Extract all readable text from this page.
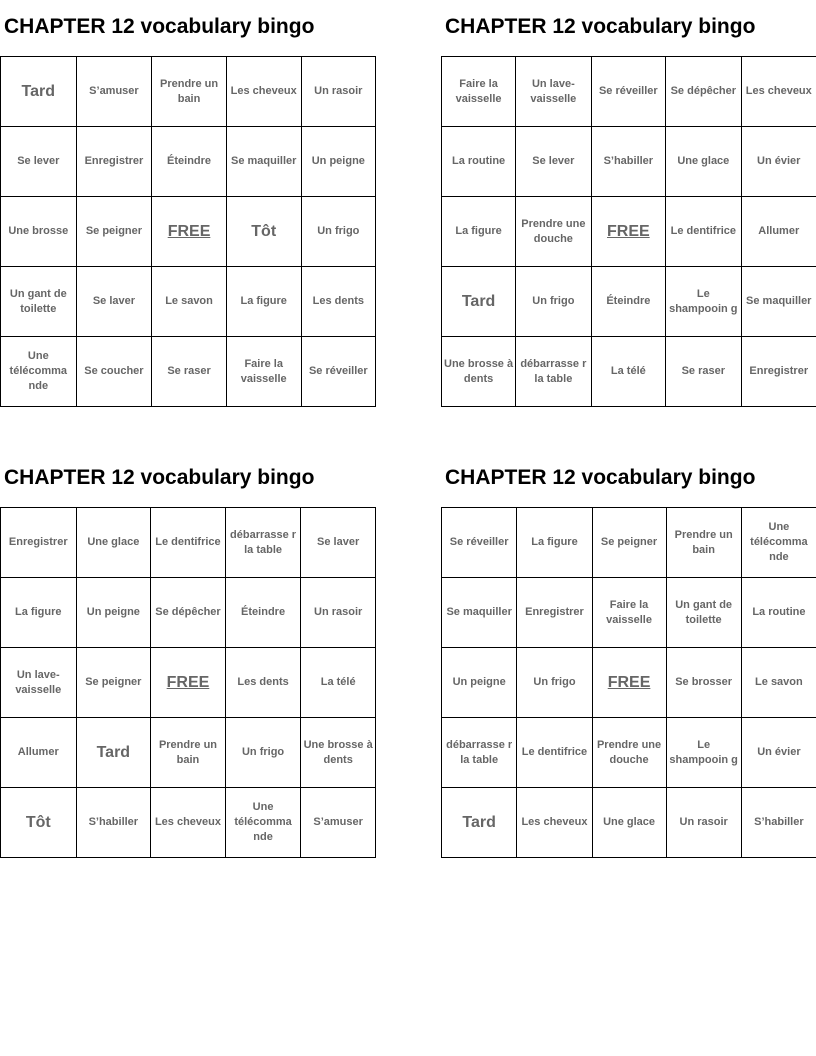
CHAPTER 12 vocabulary bingo
Tard	S’amuser	Prendre un bain	Les cheveux	Un rasoir
Se lever	Enregistrer	Éteindre	Se maquiller	Un peigne
Une brosse	Se peigner	FREE	Tôt	Un frigo
Un gant de toilette	Se laver	Le savon	La figure	Les dents
Une télécomma nde	Se coucher	Se raser	Faire la vaisselle	Se réveiller
CHAPTER 12 vocabulary bingo
Faire la vaisselle	Un lave-vaisselle	Se réveiller	Se dépêcher	Les cheveux
La routine	Se lever	S’habiller	Une glace	Un évier
La figure	Prendre une douche	FREE	Le dentifrice	Allumer
Tard	Un frigo	Éteindre	Le shampooin g	Se maquiller
Une brosse à dents	débarrasse r la table	La télé	Se raser	Enregistrer
CHAPTER 12 vocabulary bingo
Enregistrer	Une glace	Le dentifrice	débarrasse r la table	Se laver
La figure	Un peigne	Se dépêcher	Éteindre	Un rasoir
Un lave-vaisselle	Se peigner	FREE	Les dents	La télé
Allumer	Tard	Prendre un bain	Un frigo	Une brosse à dents
Tôt	S’habiller	Les cheveux	Une télécomma nde	S’amuser
CHAPTER 12 vocabulary bingo
Se réveiller	La figure	Se peigner	Prendre un bain	Une télécomma nde
Se maquiller	Enregistrer	Faire la vaisselle	Un gant de toilette	La routine
Un peigne	Un frigo	FREE	Se brosser	Le savon
débarrasse r la table	Le dentifrice	Prendre une douche	Le shampooin g	Un évier
Tard	Les cheveux	Une glace	Un rasoir	S’habiller
